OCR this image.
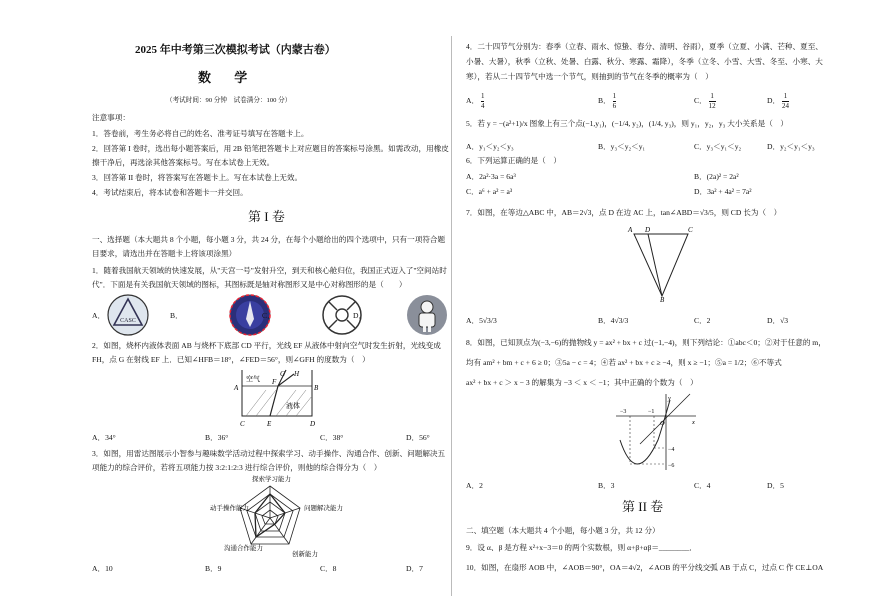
2025 年中考第三次模拟考试（内蒙古卷）
数 学
（考试时间：90 分钟　试卷满分：100 分）
注意事项：
1．答卷前，考生务必将自己的姓名、准考证号填写在答题卡上。
2．回答第 I 卷时，选出每小题答案后，用 2B 铅笔把答题卡上对应题目的答案标号涂黑。如需改动，用橡皮
擦干净后，再选涂其他答案标号。写在本试卷上无效。
3．回答第 II 卷时，将答案写在答题卡上。写在本试卷上无效。
4．考试结束后，将本试卷和答题卡一并交回。
第 I 卷
一、选择题（本大题共 8 个小题，每小题 3 分，共 24 分，在每个小题给出的四个选项中，只有一项符合题
目要求，请选出并在答题卡上将该项涂黑）
1．随着我国航天领域的快速发展，从"天宫一号"发射升空，到天和核心舱归位，我国正式迈入了"空间站时
代"．下面是有关我国航天领域的图标，其图标既是轴对称图形又是中心对称图形的是（　　）
A．
CASC
B．	C．	D．
2．如图，烧杯内液体表面 AB 与烧杯下底部 CD 平行，光线 EF 从液体中射向空气时发生折射，光线变成
FH，点 G 在射线 EF 上．已知∠HFB＝18°，∠FED＝56°，则∠GFH 的度数为（　）
空气
液体
A	B
C	D
E
F
G H
A．34°	B．36°	C．38°	D．56°
3．如图，用雷达图展示小智参与趣味数学活动过程中探索学习、动手操作、沟通合作、创新、问题解决五
项能力的综合评价，若将五项能力按 3:2:1:2:3 进行综合评价，则他的综合得分为（　）
探索学习能力
问题解决能力
创新能力
沟通合作能力
动手操作能力
A．10	B．9	C．8	D．7
4．二十四节气分别为：春季（立春、雨水、惊蛰、春分、清明、谷雨），夏季（立夏、小满、芒种、夏至、
小暑、大暑），秋季（立秋、处暑、白露、秋分、寒露、霜降），冬季（立冬、小雪、大雪、冬至、小寒、大
寒），若从二十四节气中选一个节气，则抽到的节气在冬季的概率为（　）
A． $\frac{1}{4}$	B． $\frac{1}{6}$	C． $\frac{1}{12}$	D． $\frac{1}{24}$
5．若 y = −(a²+1)/x 图象上有三个点(−1,y₁)，(−1/4, y₂)，(1/4, y₃)，则 y₁，y₂，y₃ 大小关系是（　）
A．y₁＜y₂＜y₃	B．y₃＜y₂＜y₁	C．y₃＜y₁＜y₂	D．y₂＜y₁＜y₃
6．下列运算正确的是（　）
A．2a²·3a = 6a³	B．(2a)² = 2a²
C．a⁶ + a² = a³	D．3a² + 4a² = 7a²
7．如图，在等边△ABC 中，AB＝2√3，点 D 在边 AC 上，tan∠ABD＝√3/5，则 CD 长为（　）
A D	C
B
A．5√3/3	B．4√3/3	C．2	D．√3
8．如图，已知顶点为(−3,−6)的抛物线 y = ax² + bx + c 过(−1,−4)，则下列结论：①abc＜0；②对于任意的 m，
均有 am² + bm + c + 6 ≥ 0；③5a − c = 4；④若 ax² + bx + c ≥ −4，则 x ≥ −1；⑤a = 1/2；⑥不等式
ax² + bx + c ＞ x − 3 的解集为 −3 ＜ x ＜ −1；其中正确的个数为（　）
y
x
O
−3	−1
−4
−6
A．2	B．3	C．4	D．5
第 II 卷
二、填空题（本大题共 4 个小题，每小题 3 分，共 12 分）
9．设 α、β 是方程 x²+x−3＝0 的两个实数根，则 α+β+αβ＝________．
10．如图，在扇形 AOB 中，∠AOB＝90°，OA＝4√2，∠AOB 的平分线交弧 AB 于点 C，过点 C 作 CE⊥OA
